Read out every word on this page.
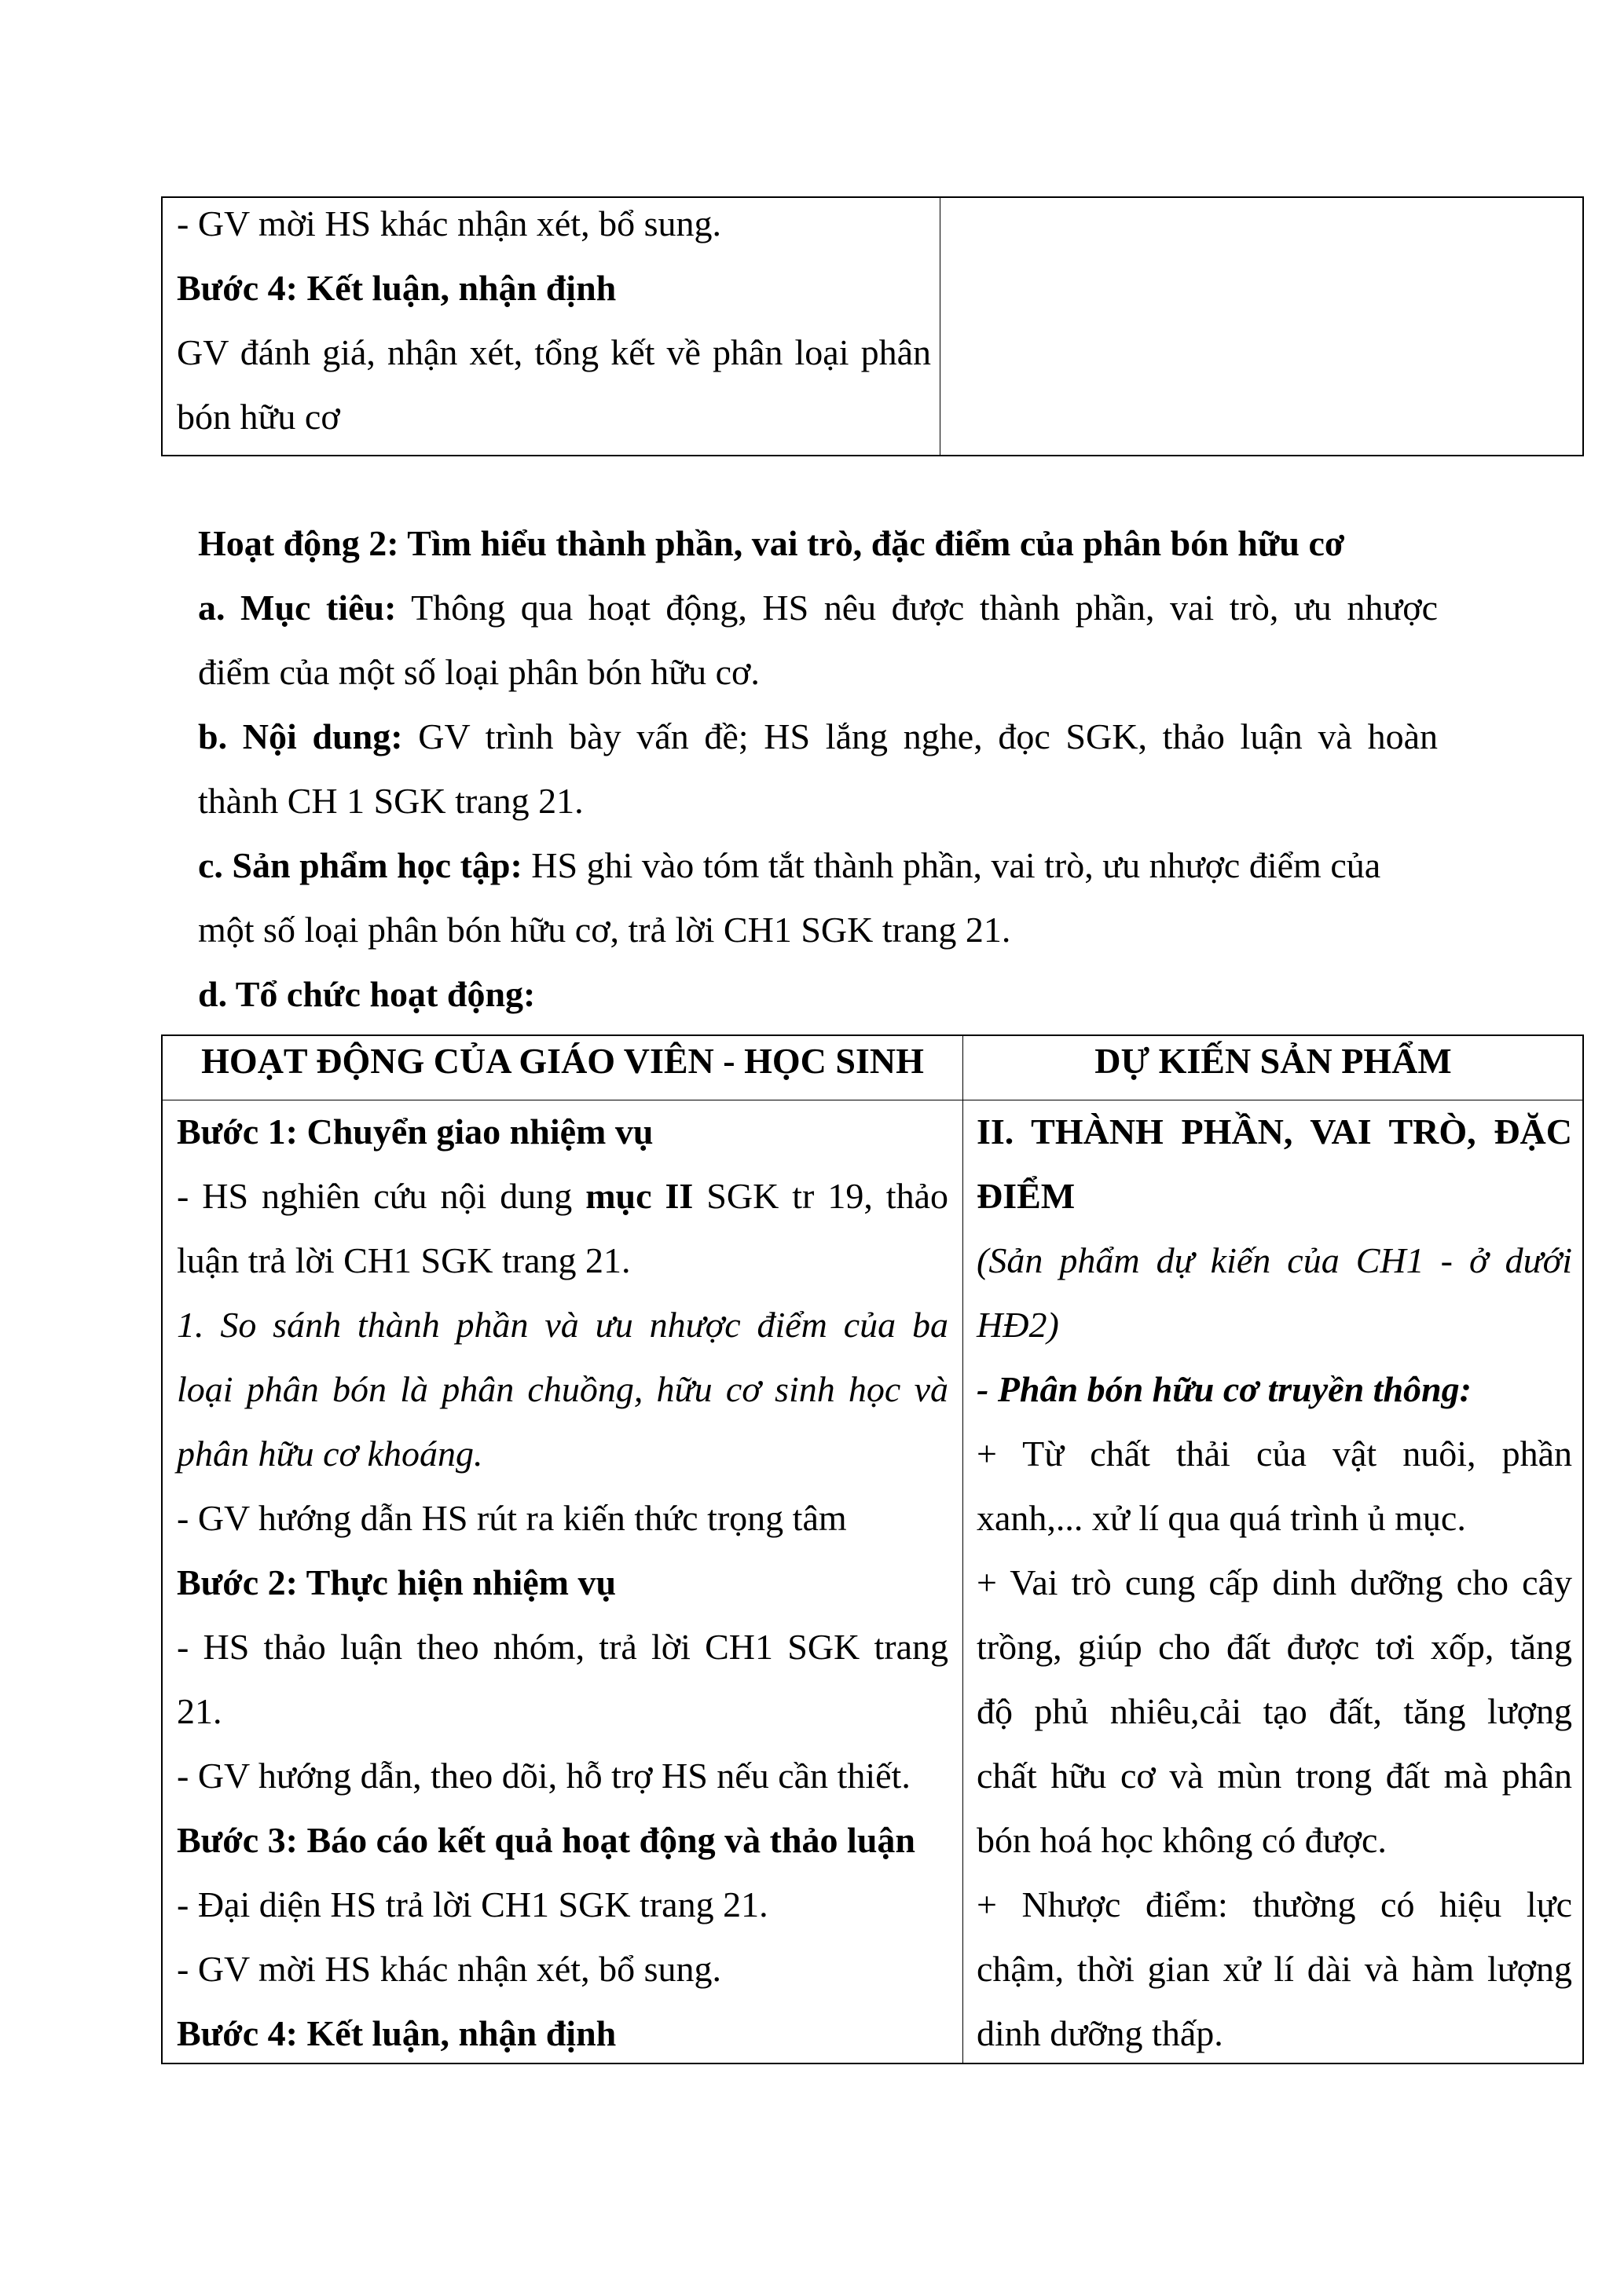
- GV mời HS khác nhận xét, bổ sung.
Bước 4: Kết luận, nhận định
GV đánh giá, nhận xét, tổng kết về phân loại phân
bón hữu cơ
Hoạt động 2: Tìm hiểu thành phần, vai trò, đặc điểm của phân bón hữu cơ
a. Mục tiêu: Thông qua hoạt động, HS nêu được thành phần, vai trò, ưu nhược
điểm của một số loại phân bón hữu cơ.
b. Nội dung: GV trình bày vấn đề; HS lắng nghe, đọc SGK, thảo luận và hoàn
thành CH 1 SGK trang 21.
c. Sản phẩm học tập: HS ghi vào tóm tắt thành phần, vai trò, ưu nhược điểm của
một số loại phân bón hữu cơ, trả lời CH1 SGK trang 21.
d. Tổ chức hoạt động:
HOẠT ĐỘNG CỦA GIÁO VIÊN - HỌC SINH	DỰ KIẾN SẢN PHẨM
Bước 1: Chuyển giao nhiệm vụ
- HS nghiên cứu nội dung mục II SGK tr 19, thảo
luận trả lời CH1 SGK trang 21.
1. So sánh thành phần và ưu nhược điểm của ba
loại phân bón là phân chuồng, hữu cơ sinh học và
phân hữu cơ khoáng.
- GV hướng dẫn HS rút ra kiến thức trọng tâm
Bước 2: Thực hiện nhiệm vụ
- HS thảo luận theo nhóm, trả lời CH1 SGK trang
21.
- GV hướng dẫn, theo dõi, hỗ trợ HS nếu cần thiết.
Bước 3: Báo cáo kết quả hoạt động và thảo luận
- Đại diện HS trả lời CH1 SGK trang 21.
- GV mời HS khác nhận xét, bổ sung.
Bước 4: Kết luận, nhận định
II. THÀNH PHẦN, VAI TRÒ, ĐẶC
ĐIỂM
(Sản phẩm dự kiến của CH1 - ở dưới
HĐ2)
- Phân bón hữu cơ truyền thông:
+ Từ chất thải của vật nuôi, phần
xanh,... xử lí qua quá trình ủ mục.
+ Vai trò cung cấp dinh dưỡng cho cây
trồng, giúp cho đất được tơi xốp, tăng
độ phủ nhiêu,cải tạo đất, tăng lượng
chất hữu cơ và mùn trong đất mà phân
bón hoá học không có được.
+ Nhược điểm: thường có hiệu lực
chậm, thời gian xử lí dài và hàm lượng
dinh dưỡng thấp.
